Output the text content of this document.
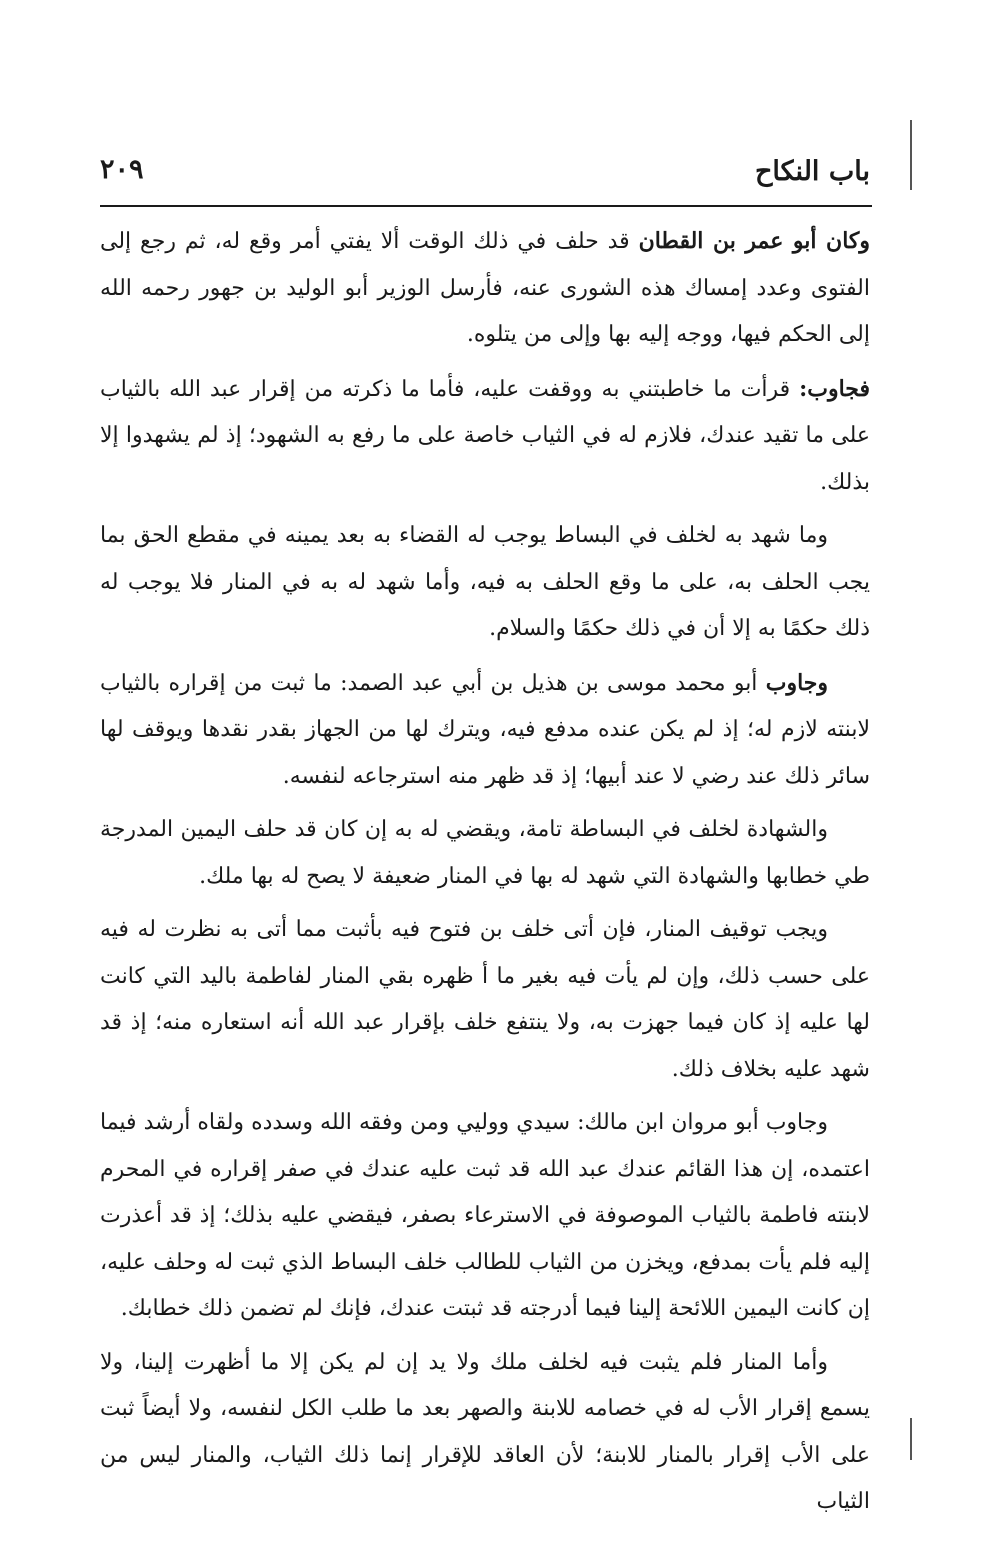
باب النكاح
٢٠٩

وكان أبو عمر بن القطان قد حلف في ذلك الوقت ألا يفتي أمر وقع له، ثم رجع إلى الفتوى وعدد إمساك هذه الشورى عنه، فأرسل الوزير أبو الوليد بن جهور رحمه الله إلى الحكم فيها، ووجه إليه بها وإلى من يتلوه.

فجاوب: قرأت ما خاطبتني به ووقفت عليه، فأما ما ذكرته من إقرار عبد الله بالثياب على ما تقيد عندك، فلازم له في الثياب خاصة على ما رفع به الشهود؛ إذ لم يشهدوا إلا بذلك.

وما شهد به لخلف في البساط يوجب له القضاء به بعد يمينه في مقطع الحق بما يجب الحلف به، على ما وقع الحلف به فيه، وأما شهد له به في المنار فلا يوجب له ذلك حكمًا به إلا أن في ذلك حكمًا والسلام.

وجاوب أبو محمد موسى بن هذيل بن أبي عبد الصمد: ما ثبت من إقراره بالثياب لابنته لازم له؛ إذ لم يكن عنده مدفع فيه، ويترك لها من الجهاز بقدر نقدها ويوقف لها سائر ذلك عند رضي لا عند أبيها؛ إذ قد ظهر منه استرجاعه لنفسه.

والشهادة لخلف في البساطة تامة، ويقضي له به إن كان قد حلف اليمين المدرجة طي خطابها والشهادة التي شهد له بها في المنار ضعيفة لا يصح له بها ملك.

ويجب توقيف المنار، فإن أتى خلف بن فتوح فيه بأثبت مما أتى به نظرت له فيه على حسب ذلك، وإن لم يأت فيه بغير ما أ ظهره بقي المنار لفاطمة باليد التي كانت لها عليه إذ كان فيما جهزت به، ولا ينتفع خلف بإقرار عبد الله أنه استعاره منه؛ إذ قد شهد عليه بخلاف ذلك.

وجاوب أبو مروان ابن مالك: سيدي ووليي ومن وفقه الله وسدده ولقاه أرشد فيما اعتمده، إن هذا القائم عندك عبد الله قد ثبت عليه عندك في صفر إقراره في المحرم لابنته فاطمة بالثياب الموصوفة في الاسترعاء بصفر، فيقضي عليه بذلك؛ إذ قد أعذرت إليه فلم يأت بمدفع، ويخزن من الثياب للطالب خلف البساط الذي ثبت له وحلف عليه، إن كانت اليمين اللائحة إلينا فيما أدرجته قد ثبتت عندك، فإنك لم تضمن ذلك خطابك.

وأما المنار فلم يثبت فيه لخلف ملك ولا يد إن لم يكن إلا ما أظهرت إلينا، ولا يسمع إقرار الأب له في خصامه للابنة والصهر بعد ما طلب الكل لنفسه، ولا أيضاً ثبت على الأب إقرار بالمنار للابنة؛ لأن العاقد للإقرار إنما ذلك الثياب، والمنار ليس من الثياب
